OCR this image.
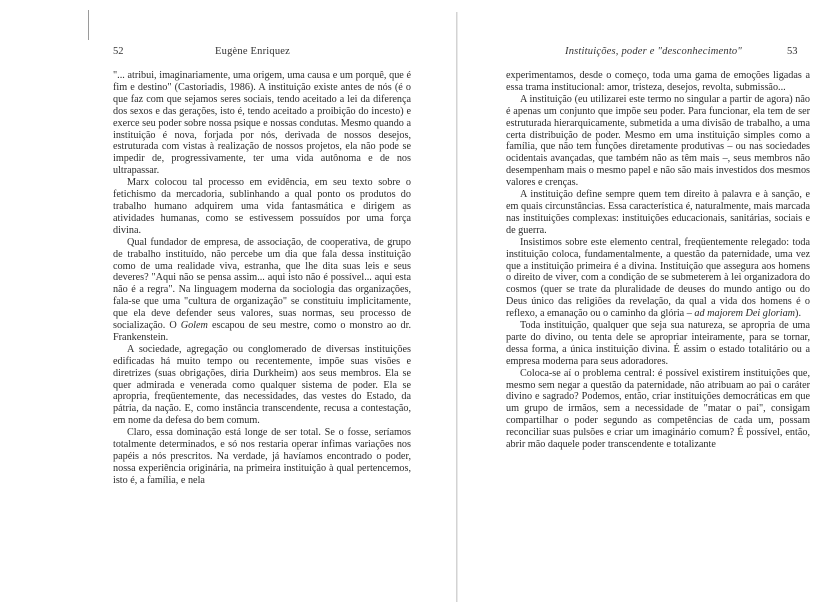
52	Eugène Enriquez

"... atribui, imaginariamente, uma origem, uma causa e um porquê, que é fim e destino" (Castoriadis, 1986). A instituição existe antes de nós (é o que faz com que sejamos seres sociais, tendo aceitado a lei da diferença dos sexos e das gerações, isto é, tendo aceitado a proibição do incesto) e exerce seu poder sobre nossa psique e nossas condutas. Mesmo quando a instituição é nova, forjada por nós, derivada de nossos desejos, estruturada com vistas à realização de nossos projetos, ela não pode se impedir de, progressivamente, ter uma vida autônoma e de nos ultrapassar.

Marx colocou tal processo em evidência, em seu texto sobre o fetichismo da mercadoria, sublinhando a qual ponto os produtos do trabalho humano adquirem uma vida fantasmática e dirigem as atividades humanas, como se estivessem possuídos por uma força divina.

Qual fundador de empresa, de associação, de cooperativa, de grupo de trabalho instituído, não percebe um dia que fala dessa instituição como de uma realidade viva, estranha, que lhe dita suas leis e seus deveres? "Aqui não se pensa assim... aqui isto não é possível... aqui esta não é a regra". Na linguagem moderna da sociologia das organizações, fala-se que uma "cultura de organização" se constituiu implicitamente, que ela deve defender seus valores, suas normas, seu processo de socialização. O Golem escapou de seu mestre, como o monstro ao dr. Frankenstein.

A sociedade, agregação ou conglomerado de diversas instituições edificadas há muito tempo ou recentemente, impõe suas visões e diretrizes (suas obrigações, diria Durkheim) aos seus membros. Ela se quer admirada e venerada como qualquer sistema de poder. Ela se apropria, freqüentemente, das necessidades, das vestes do Estado, da pátria, da nação. E, como instância transcendente, recusa a contestação, em nome da defesa do bem comum.

Claro, essa dominação está longe de ser total. Se o fosse, seríamos totalmente determinados, e só nos restaria operar ínfimas variações nos papéis a nós prescritos. Na verdade, já havíamos encontrado o poder, nossa experiência originária, na primeira instituição à qual pertencemos, isto é, a família, e nela

Instituições, poder e "desconhecimento"	53

experimentamos, desde o começo, toda uma gama de emoções ligadas a essa trama institucional: amor, tristeza, desejos, revolta, submissão...

A instituição (eu utilizarei este termo no singular a partir de agora) não é apenas um conjunto que impõe seu poder. Para funcionar, ela tem de ser estruturada hierarquicamente, submetida a uma divisão de trabalho, a uma certa distribuição de poder. Mesmo em uma instituição simples como a família, que não tem funções diretamente produtivas – ou nas sociedades ocidentais avançadas, que também não as têm mais –, seus membros não desempenham mais o mesmo papel e não são mais investidos dos mesmos valores e crenças.

A instituição define sempre quem tem direito à palavra e à sanção, e em quais circunstâncias. Essa característica é, naturalmente, mais marcada nas instituições complexas: instituições educacionais, sanitárias, sociais e de guerra.

Insistimos sobre este elemento central, freqüentemente relegado: toda instituição coloca, fundamentalmente, a questão da paternidade, uma vez que a instituição primeira é a divina. Instituição que assegura aos homens o direito de viver, com a condição de se submeterem à lei organizadora do cosmos (quer se trate da pluralidade de deuses do mundo antigo ou do Deus único das religiões da revelação, da qual a vida dos homens é o reflexo, a emanação ou o caminho da glória – ad majorem Dei gloriam).

Toda instituição, qualquer que seja sua natureza, se apropria de uma parte do divino, ou tenta dele se apropriar inteiramente, para se tornar, dessa forma, a única instituição divina. É assim o estado totalitário ou a empresa moderna para seus adoradores.

Coloca-se aí o problema central: é possível existirem instituições que, mesmo sem negar a questão da paternidade, não atribuam ao pai o caráter divino e sagrado? Podemos, então, criar instituições democráticas em que um grupo de irmãos, sem a necessidade de "matar o pai", consigam compartilhar o poder segundo as competências de cada um, possam reconciliar suas pulsões e criar um imaginário comum? É possível, então, abrir mão daquele poder transcendente e totalizante
